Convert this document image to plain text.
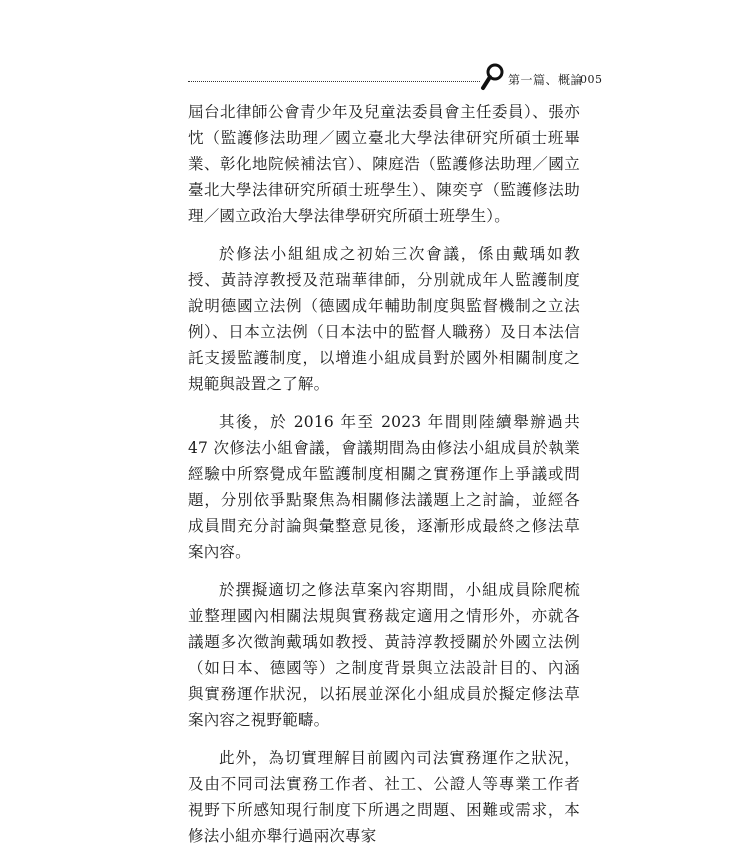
第一篇、概論
005

屆台北律師公會青少年及兒童法委員會主任委員）、張亦忱（監護修法助理／國立臺北大學法律研究所碩士班畢業、彰化地院候補法官）、陳庭浩（監護修法助理／國立臺北大學法律研究所碩士班學生）、陳奕亨（監護修法助理／國立政治大學法律學研究所碩士班學生）。

於修法小組組成之初始三次會議，係由戴瑀如教授、黃詩淳教授及范瑞華律師，分別就成年人監護制度說明德國立法例（德國成年輔助制度與監督機制之立法例）、日本立法例（日本法中的監督人職務）及日本法信託支援監護制度，以增進小組成員對於國外相關制度之規範與設置之了解。

其後，於 2016 年至 2023 年間則陸續舉辦過共 47 次修法小組會議，會議期間為由修法小組成員於執業經驗中所察覺成年監護制度相關之實務運作上爭議或問題，分別依爭點聚焦為相關修法議題上之討論，並經各成員間充分討論與彙整意見後，逐漸形成最終之修法草案內容。

於撰擬適切之修法草案內容期間，小組成員除爬梳並整理國內相關法規與實務裁定適用之情形外，亦就各議題多次徵詢戴瑀如教授、黃詩淳教授關於外國立法例（如日本、德國等）之制度背景與立法設計目的、內涵與實務運作狀況，以拓展並深化小組成員於擬定修法草案內容之視野範疇。

此外，為切實理解目前國內司法實務運作之狀況，及由不同司法實務工作者、社工、公證人等專業工作者視野下所感知現行制度下所遇之問題、困難或需求，本修法小組亦舉行過兩次專家
